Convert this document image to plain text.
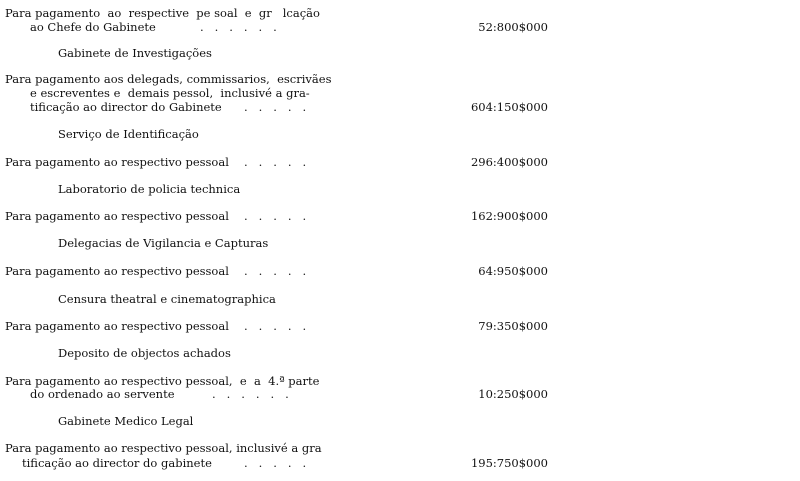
Para pagamento  ao  respective  pe soal  e  gr   lcação
ao Chefe do Gabinete	.   .   .   .   .   .	52:800$000
Gabinete de Investigações
Para pagamento aos delegads, commissarios,  escrivães
e escreventes e  demais pessol,  inclusivé a gra-
tificação ao director do Gabinete .   .   .   .   .	604:150$000
Serviço de Identificação
Para pagamento ao respectivo pessoal .   .   .   .   .	296:400$000
Laboratorio de policia technica
Para pagamento ao respectivo pessoal .   .   .   .   .	162:900$000
Delegacias de Vigilancia e Capturas
Para pagamento ao respectivo pessoal .   .   .   .   .	64:950$000
Censura theatral e cinematographica
Para pagamento ao respectivo pessoal .   .   .   .   .	79:350$000
Deposito de objectos achados
Para pagamento ao respectivo pessoal,  e  a  4.ª parte
do ordenado ao servente	.   .   .   .   .   .	10:250$000
Gabinete Medico Legal
Para pagamento ao respectivo pessoal, inclusivé a gra
tificação ao director do gabinete	.   .   .   .   .	195:750$000
